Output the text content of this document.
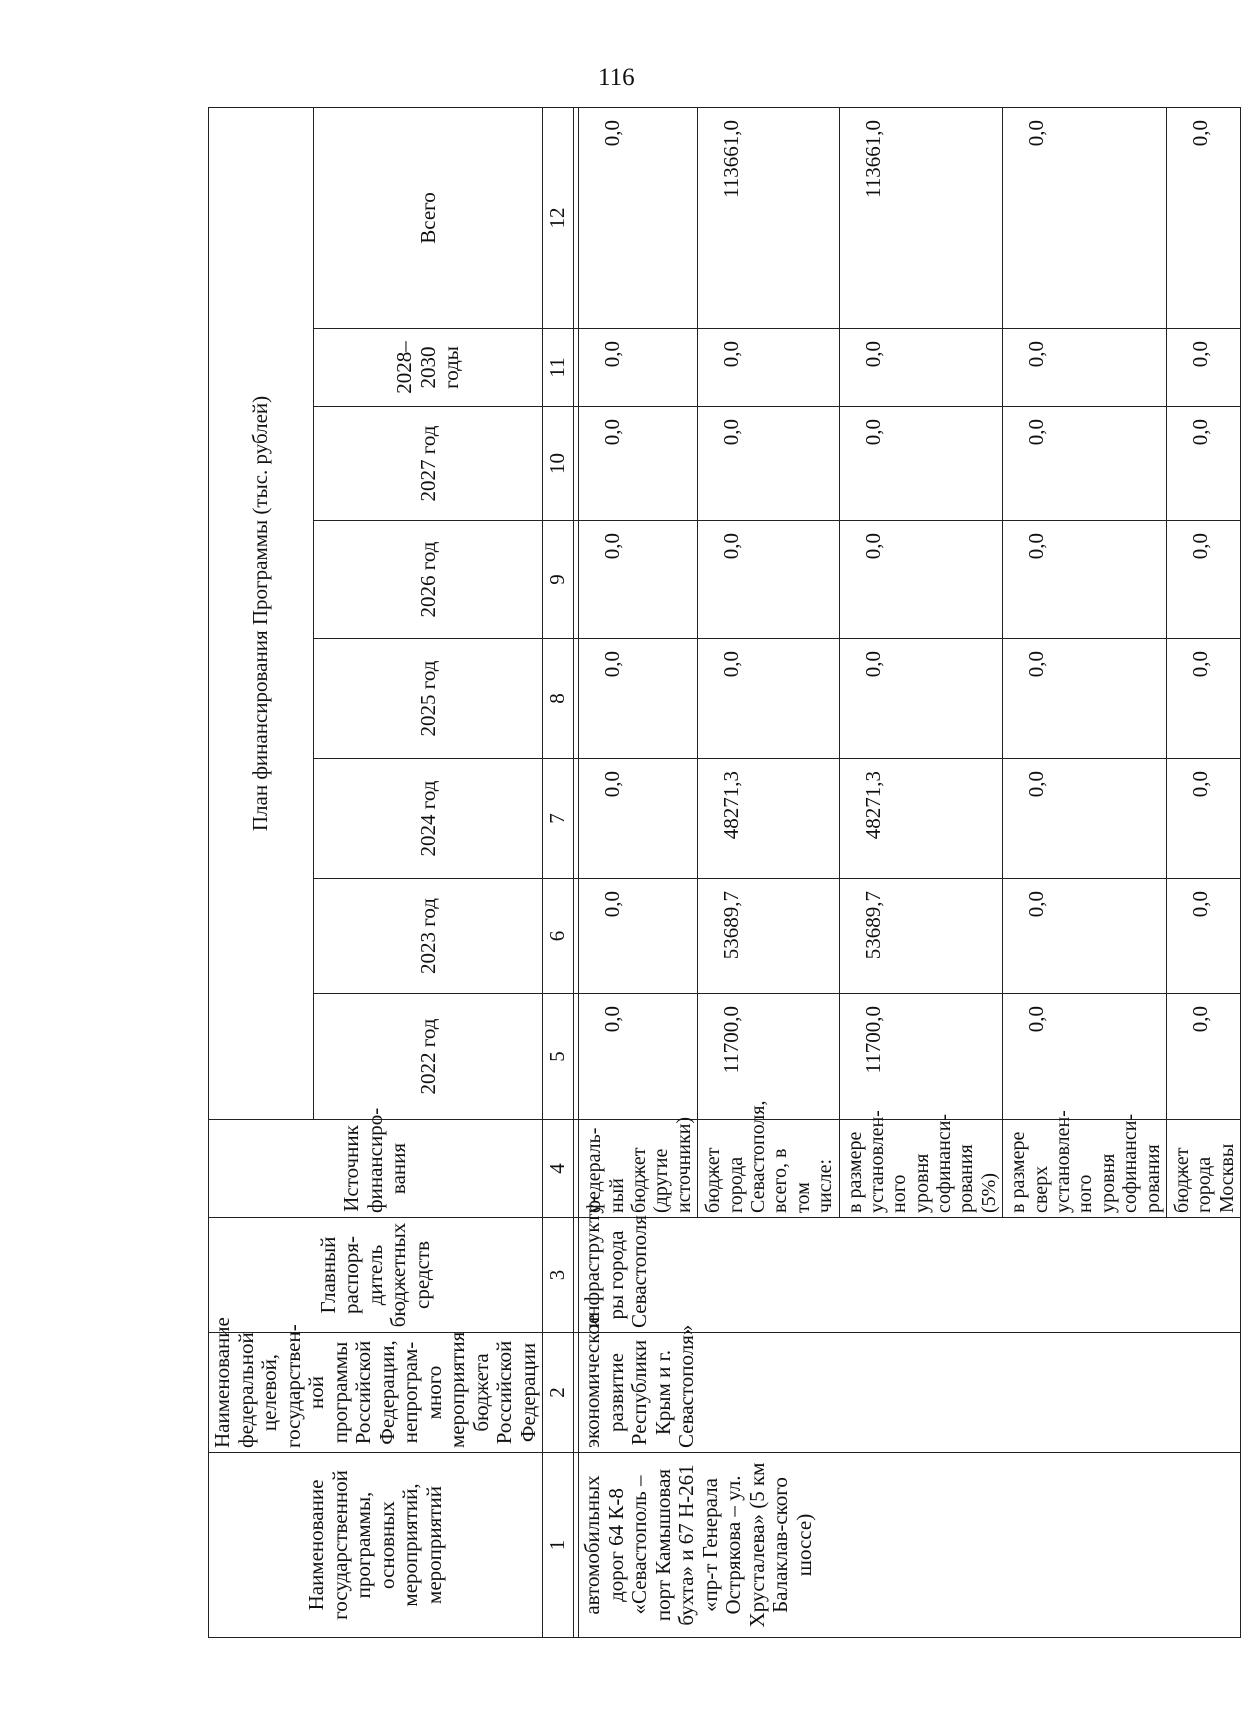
116
Наименование государственной программы, основных мероприятий, мероприятий	Наименование федеральной целевой, государствен-ной программы Российской Федерации, непрограм-много мероприятия бюджета Российской Федерации	Главный распоря-дитель бюджетных средств	Источник финансиро-вания	План финансирования Программы (тыс. рублей)							
				2022 год	2023 год	2024 год	2025 год	2026 год	2027 год	2028–2030 годы	Всего
1	2	3	4	5	6	7	8	9	10	11	12

автомобильных дорог 64 К-8 «Севастополь – порт Камышовая бухта» и 67 Н-261 «пр-т Генерала Острякова – ул. Хрусталева» (5 км Балаклав-ского шоссе)	экономическое развитие Республики Крым и г. Севастополя»	инфраструкту-ры города Севастополя	федераль-ный бюджет (другие источники)	0,0	0,0	0,0	0,0	0,0	0,0	0,0	0,0
			бюджет города Севастополя, всего, в том числе:	11700,0	53689,7	48271,3	0,0	0,0	0,0	0,0	113661,0
			в размере установлен-ного уровня софинанси-рования (5%)	11700,0	53689,7	48271,3	0,0	0,0	0,0	0,0	113661,0
			в размере сверх установлен-ного уровня софинанси-рования	0,0	0,0	0,0	0,0	0,0	0,0	0,0	0,0
			бюджет города Москвы	0,0	0,0	0,0	0,0	0,0	0,0	0,0	0,0
